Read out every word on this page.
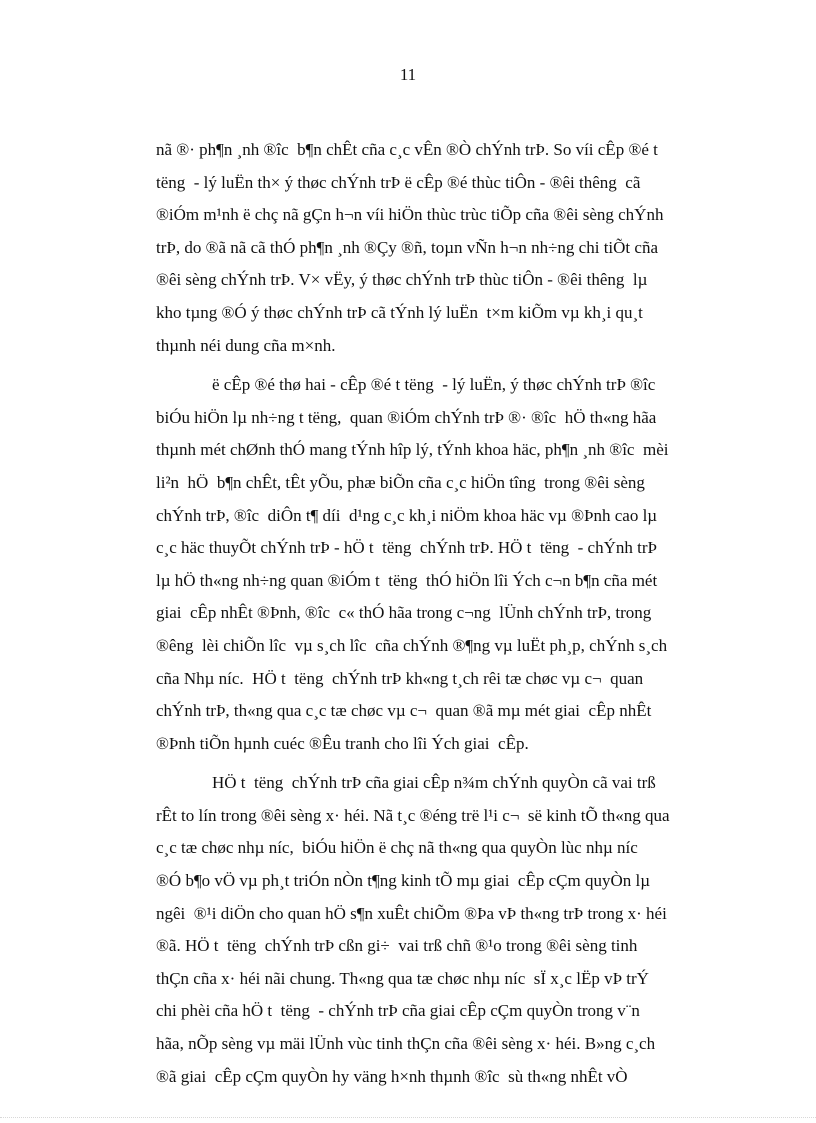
11
nã ®· ph¶n ¸nh ®îc  b¶n chÊt cña c¸c vÊn ®Ò chÝnh trÞ. So víi cÊp ®é t
tëng  - lý luËn th× ý thøc chÝnh trÞ ë cÊp ®é thùc tiÔn - ®êi thêng  cã
®iÓm m¹nh ë chç nã gÇn h¬n víi hiÖn thùc trùc tiÕp cña ®êi sèng chÝnh
trÞ, do ®ã nã cã thÓ ph¶n ¸nh ®Çy ®ñ, toµn vÑn h¬n nh÷ng chi tiÕt cña
®êi sèng chÝnh trÞ. V× vËy, ý thøc chÝnh trÞ thùc tiÔn - ®êi thêng  lµ
kho tµng ®Ó ý thøc chÝnh trÞ cã tÝnh lý luËn  t×m kiÕm vµ kh¸i qu¸t
thµnh néi dung cña m×nh.
ë cÊp ®é thø hai - cÊp ®é t tëng  - lý luËn, ý thøc chÝnh trÞ ®îc
biÓu hiÖn lµ nh÷ng t tëng,  quan ®iÓm chÝnh trÞ ®· ®îc  hÖ th«ng hãa
thµnh mét chØnh thÓ mang tÝnh hîp lý, tÝnh khoa häc, ph¶n ¸nh ®îc  mèi
li²n  hÖ  b¶n chÊt, tÊt yÕu, phæ biÕn cña c¸c hiÖn tîng  trong ®êi sèng
chÝnh trÞ, ®îc  diÔn t¶ díi  d¹ng c¸c kh¸i niÖm khoa häc vµ ®Þnh cao lµ
c¸c häc thuyÕt chÝnh trÞ - hÖ t  tëng  chÝnh trÞ. HÖ t  tëng  - chÝnh trÞ
lµ hÖ th«ng nh÷ng quan ®iÓm t  tëng  thÓ hiÖn lîi Ých c¬n b¶n cña mét
giai  cÊp nhÊt ®Þnh, ®îc  c« thÓ hãa trong c¬ng  lÜnh chÝnh trÞ, trong
®êng  lèi chiÕn lîc  vµ s¸ch lîc  cña chÝnh ®¶ng vµ luËt ph¸p, chÝnh s¸ch
cña Nhµ níc.  HÖ t  tëng  chÝnh trÞ kh«ng t¸ch rêi tæ chøc vµ c¬  quan
chÝnh trÞ, th«ng qua c¸c tæ chøc vµ c¬  quan ®ã mµ mét giai  cÊp nhÊt
®Þnh tiÕn hµnh cuéc ®Êu tranh cho lîi Ých giai  cÊp.
HÖ t  tëng  chÝnh trÞ cña giai cÊp n¾m chÝnh quyÒn cã vai trß
rÊt to lín trong ®êi sèng x· héi. Nã t¸c ®éng trë l¹i c¬  së kinh tÕ th«ng qua
c¸c tæ chøc nhµ níc,  biÓu hiÖn ë chç nã th«ng qua quyÒn lùc nhµ níc
®Ó b¶o vÖ vµ ph¸t triÓn nÒn t¶ng kinh tÕ mµ giai  cÊp cÇm quyÒn lµ
ngêi  ®¹i diÖn cho quan hÖ s¶n xuÊt chiÕm ®Þa vÞ th«ng trÞ trong x· héi
®ã. HÖ t  tëng  chÝnh trÞ cßn gi÷  vai trß chñ ®¹o trong ®êi sèng tinh
thÇn cña x· héi nãi chung. Th«ng qua tæ chøc nhµ níc  sÏ x¸c lËp vÞ trÝ
chi phèi cña hÖ t  tëng  - chÝnh trÞ cña giai cÊp cÇm quyÒn trong v¨n
hãa, nÕp sèng vµ mäi lÜnh vùc tinh thÇn cña ®êi sèng x· héi. B»ng c¸ch
®ã giai  cÊp cÇm quyÒn hy väng h×nh thµnh ®îc  sù th«ng nhÊt vÒ
